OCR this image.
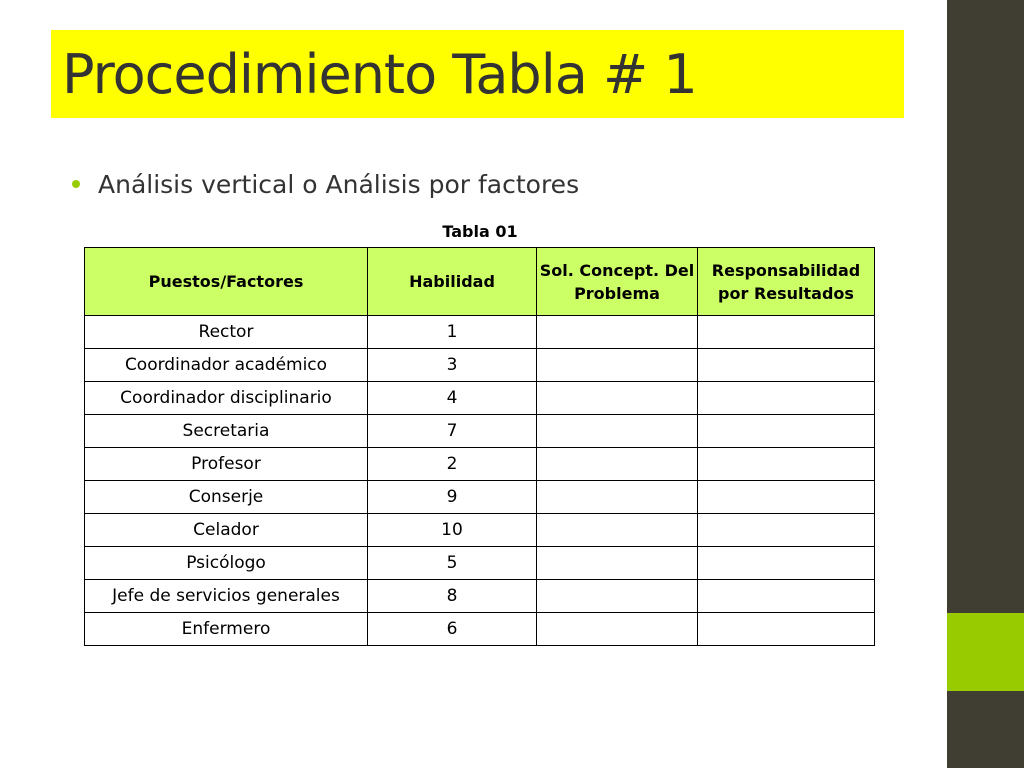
Procedimiento Tabla # 1
Análisis vertical o Análisis por factores
Tabla 01
Puestos/Factores	Habilidad	Sol. Concept. Del Problema	Responsabilidad por Resultados
Rector	1		
Coordinador académico	3		
Coordinador disciplinario	4		
Secretaria	7		
Profesor	2		
Conserje	9		
Celador	10		
Psicólogo	5		
Jefe de servicios generales	8		
Enfermero	6		
